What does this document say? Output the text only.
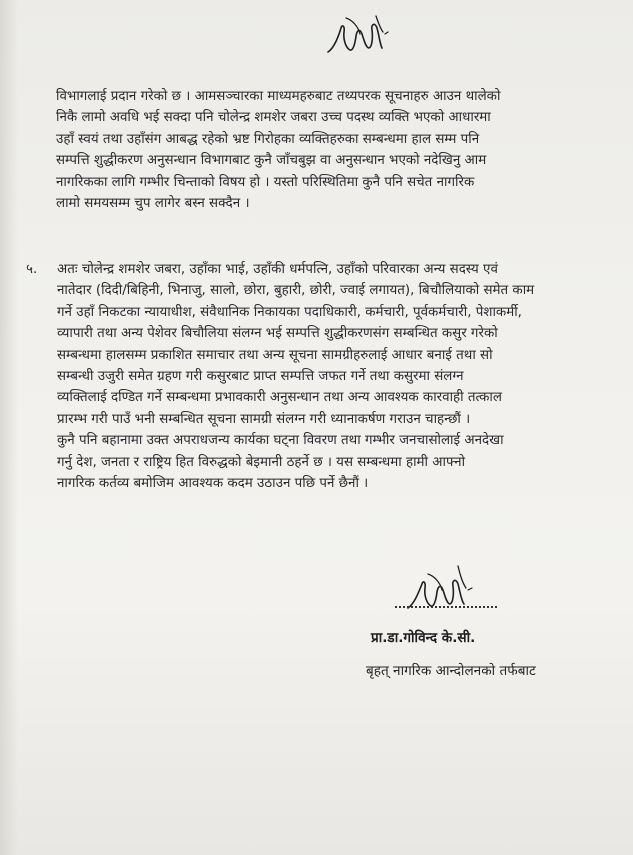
विभागलाई प्रदान गरेको छ । आमसञ्चारका माध्यमहरुबाट तथ्यपरक सूचनाहरु आउन थालेको
निकै लामो अवधि भई सक्दा पनि चोलेन्द्र शमशेर जबरा उच्च पदस्थ व्यक्ति भएको आधारमा
उहाँ स्वयं तथा उहाँसंग आबद्ध रहेको भ्रष्ट गिरोहका व्यक्तिहरुका सम्बन्धमा हाल सम्म पनि
सम्पत्ति शुद्धीकरण अनुसन्धान विभागबाट कुनै जाँचबुझ वा अनुसन्धान भएको नदेखिनु आम
नागरिकका लागि गम्भीर चिन्ताको विषय हो । यस्तो परिस्थितिमा कुनै पनि सचेत नागरिक
लामो समयसम्म चुप लागेर बस्न सक्दैन ।
५. अतः चोलेन्द्र शमशेर जबरा, उहाँका भाई, उहाँकी धर्मपत्नि, उहाँको परिवारका अन्य सदस्य एवं
नातेदार (दिदी/बिहिनी, भिनाजु, सालो, छोरा, बुहारी, छोरी, ज्वाई लगायत), बिचौलियाको समेत काम
गर्ने उहाँ निकटका न्यायाधीश, संवैधानिक निकायका पदाधिकारी, कर्मचारी, पूर्वकर्मचारी, पेशाकर्मी,
व्यापारी तथा अन्य पेशेवर बिचौलिया संलग्न भई सम्पत्ति शुद्धीकरणसंग सम्बन्धित कसुर गरेको
सम्बन्धमा हालसम्म प्रकाशित समाचार तथा अन्य सूचना सामग्रीहरुलाई आधार बनाई तथा सो
सम्बन्धी उजुरी समेत ग्रहण गरी कसुरबाट प्राप्त सम्पत्ति जफत गर्ने तथा कसुरमा संलग्न
व्यक्तिलाई दण्डित गर्ने सम्बन्धमा प्रभावकारी अनुसन्धान तथा अन्य आवश्यक कारवाही तत्काल
प्रारम्भ गरी पाउँ भनी सम्बन्धित सूचना सामग्री संलग्न गरी ध्यानाकर्षण गराउन चाहन्छौं ।
कुनै पनि बहानामा उक्त अपराधजन्य कार्यका घट्ना विवरण तथा गम्भीर जनचासोलाई अनदेखा
गर्नु देश, जनता र राष्ट्रिय हित विरुद्धको बेइमानी ठहर्ने छ । यस सम्बन्धमा हामी आफ्नो
नागरिक कर्तव्य बमोजिम आवश्यक कदम उठाउन पछि पर्ने छैनौं ।
प्रा.डा.गोविन्द के.सी.
बृहत् नागरिक आन्दोलनको तर्फबाट
